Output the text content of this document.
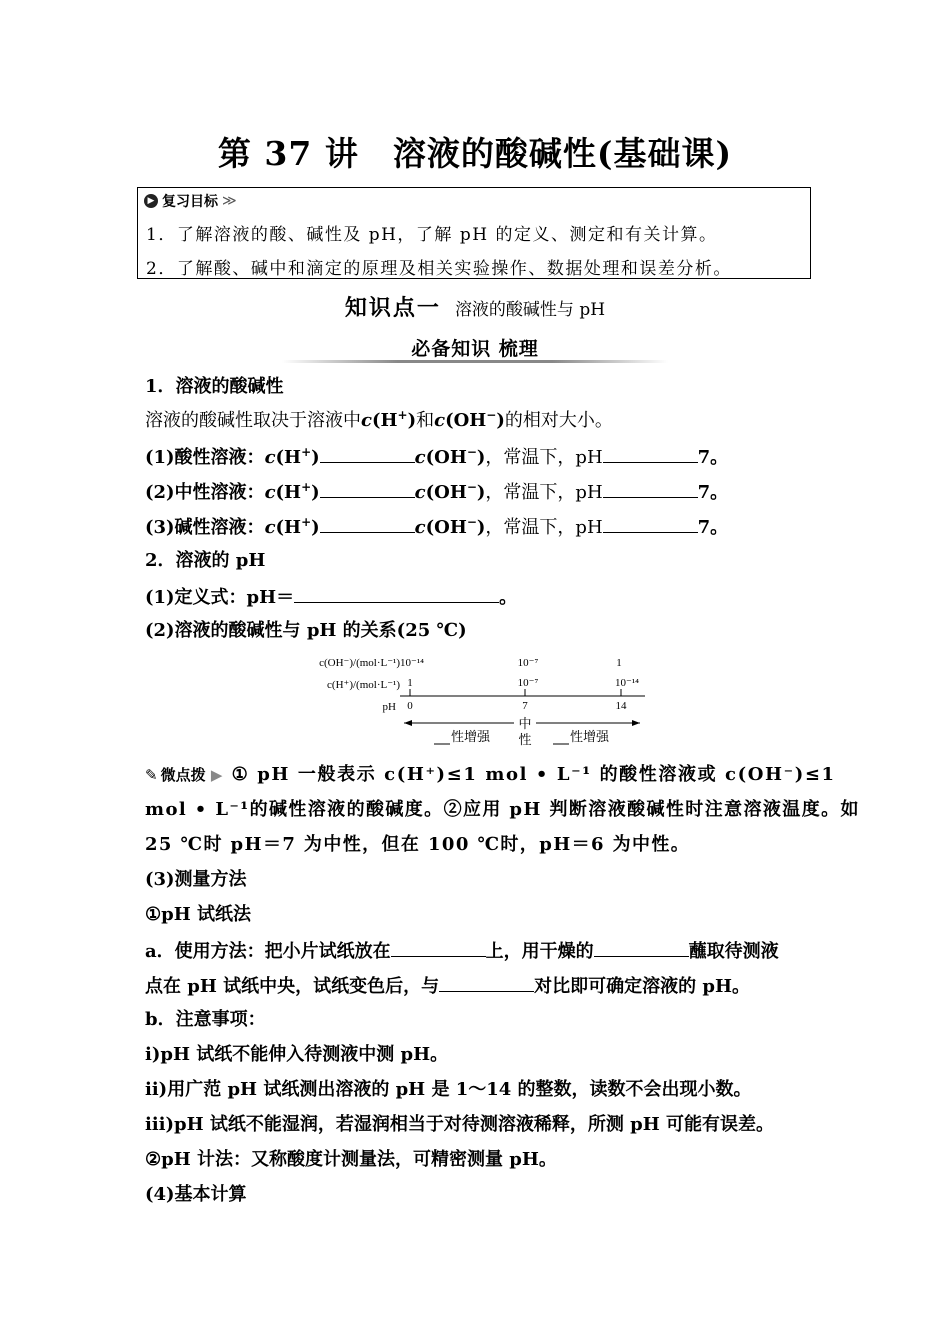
第 37 讲 溶液的酸碱性(基础课)
▶ 复习目标 ≫
1．了解溶液的酸、碱性及 pH，了解 pH 的定义、测定和有关计算。
2．了解酸、碱中和滴定的原理及相关实验操作、数据处理和误差分析。
知识点一 溶液的酸碱性与 pH
必备知识 梳理
1．溶液的酸碱性
溶液的酸碱性取决于溶液中c(H+)和c(OH−)的相对大小。
(1)酸性溶液：c(H+)	c(OH−)，常温下，pH	7。
(2)中性溶液：c(H+)	c(OH−)，常温下，pH	7。
(3)碱性溶液：c(H+)	c(OH−)，常温下，pH	7。
2．溶液的 pH
(1)定义式：pH＝	。
(2)溶液的酸碱性与 pH 的关系(25 ℃)
c(OH⁻)/(mol·L⁻¹)
c(H⁺)/(mol·L⁻¹)
pH
10⁻¹⁴	10⁻⁷	1
1	10⁻⁷	10⁻¹⁴
0	7	14
中
性
性增强	性增强
✎微点拨 ▶ ① pH 一般表示 c(H⁺)≤1 mol • L⁻¹ 的酸性溶液或 c(OH⁻)≤1
mol • L⁻¹的碱性溶液的酸碱度。②应用 pH 判断溶液酸碱性时注意溶液温度。如
25 ℃时 pH＝7 为中性，但在 100 ℃时，pH＝6 为中性。
(3)测量方法
①pH 试纸法
a．使用方法：把小片试纸放在	上，用干燥的	蘸取待测液
点在 pH 试纸中央，试纸变色后，与	对比即可确定溶液的 pH。
b．注意事项：
ⅰ)pH 试纸不能伸入待测液中测 pH。
ⅱ)用广范 pH 试纸测出溶液的 pH 是 1～14 的整数，读数不会出现小数。
ⅲ)pH 试纸不能湿润，若湿润相当于对待测溶液稀释，所测 pH 可能有误差。
②pH 计法：又称酸度计测量法，可精密测量 pH。
(4)基本计算
